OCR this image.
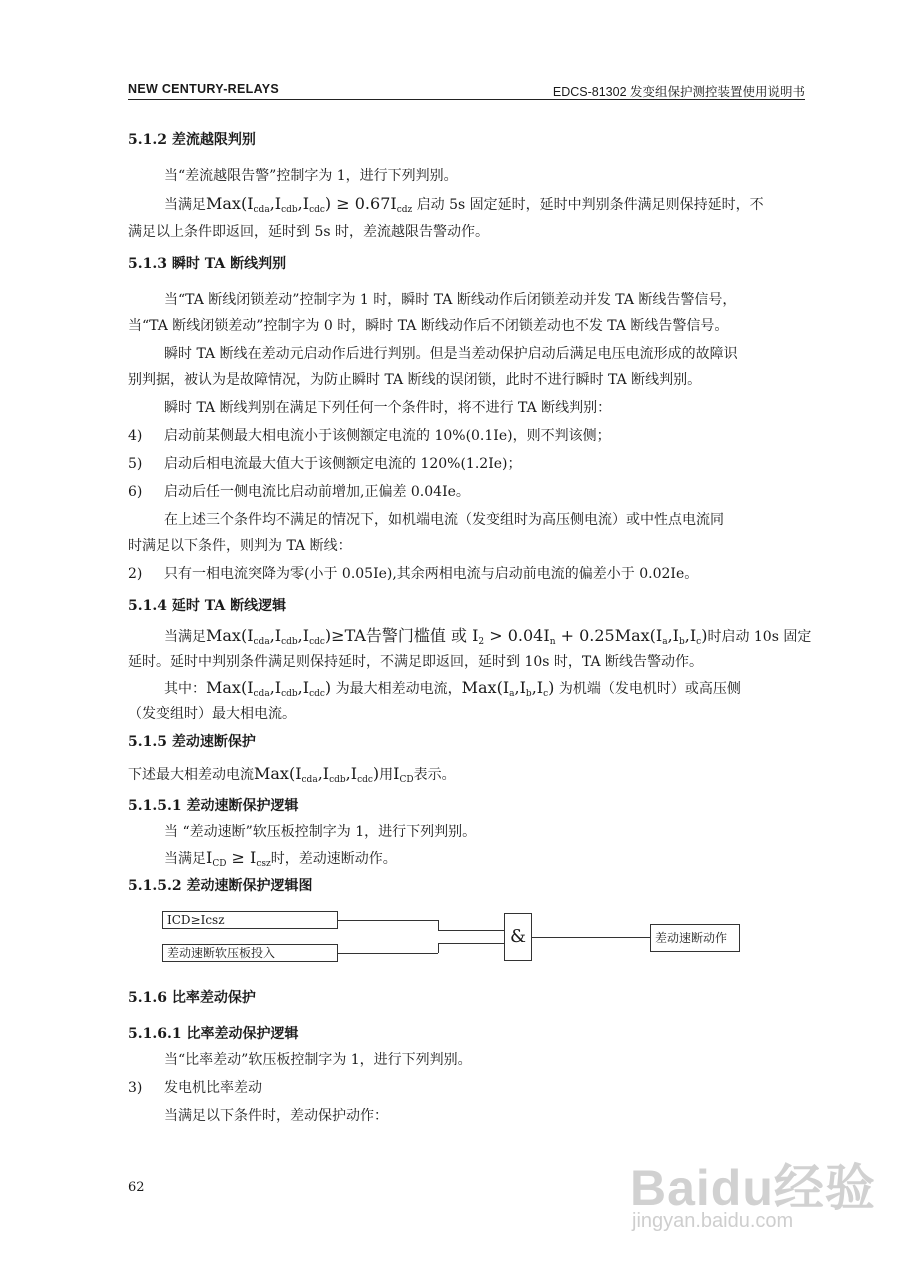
NEW CENTURY-RELAYS	EDCS-81302 发变组保护测控装置使用说明书
5.1.2 差流越限判别
当“差流越限告警”控制字为 1，进行下列判别。
当满足$Max(I_{cda},I_{cdb},I_{cdc}) \ge 0.67I_{cdz}$ 启动 5s 固定延时，延时中判别条件满足则保持延时，不
满足以上条件即返回，延时到 5s 时，差流越限告警动作。
5.1.3 瞬时 TA 断线判别
当“TA 断线闭锁差动”控制字为 1 时，瞬时 TA 断线动作后闭锁差动并发 TA 断线告警信号，
当“TA 断线闭锁差动”控制字为 0 时，瞬时 TA 断线动作后不闭锁差动也不发 TA 断线告警信号。
瞬时 TA 断线在差动元启动作后进行判别。但是当差动保护启动后满足电压电流形成的故障识
别判据，被认为是故障情况，为防止瞬时 TA 断线的误闭锁，此时不进行瞬时 TA 断线判别。
瞬时 TA 断线判别在满足下列任何一个条件时，将不进行 TA 断线判别：
4) 启动前某侧最大相电流小于该侧额定电流的 10%(0.1Ie)，则不判该侧；
5) 启动后相电流最大值大于该侧额定电流的 120%(1.2Ie)；
6) 启动后任一侧电流比启动前增加,正偏差 0.04Ie。
在上述三个条件均不满足的情况下，如机端电流（发变组时为高压侧电流）或中性点电流同
时满足以下条件，则判为 TA 断线：
2) 只有一相电流突降为零(小于 0.05Ie),其余两相电流与启动前电流的偏差小于 0.02Ie。
5.1.4 延时 TA 断线逻辑
当满足$Max(I_{cda},I_{cdb},I_{cdc})\ge TA$告警门槛值 或 $I_2 > 0.04I_n + 0.25Max(I_a,I_b,I_c)$时启动 10s 固定
延时。延时中判别条件满足则保持延时，不满足即返回，延时到 10s 时，TA 断线告警动作。
其中：$Max(I_{cda},I_{cdb},I_{cdc})$ 为最大相差动电流，$Max(I_a,I_b,I_c)$ 为机端（发电机时）或高压侧
（发变组时）最大相电流。
5.1.5 差动速断保护
下述最大相差动电流$Max(I_{cda},I_{cdb},I_{cdc})$用$I_{CD}$表示。
5.1.5.1 差动速断保护逻辑
当 “差动速断”软压板控制字为 1，进行下列判别。
当满足$I_{CD} \ge I_{csz}$时，差动速断动作。
5.1.5.2 差动速断保护逻辑图
ICD≥Icsz
差动速断软压板投入
&	差动速断动作
5.1.6 比率差动保护
5.1.6.1 比率差动保护逻辑
当“比率差动”软压板控制字为 1，进行下列判别。
3) 发电机比率差动
当满足以下条件时，差动保护动作：
62	Baidu经验
jingyan.baidu.com
